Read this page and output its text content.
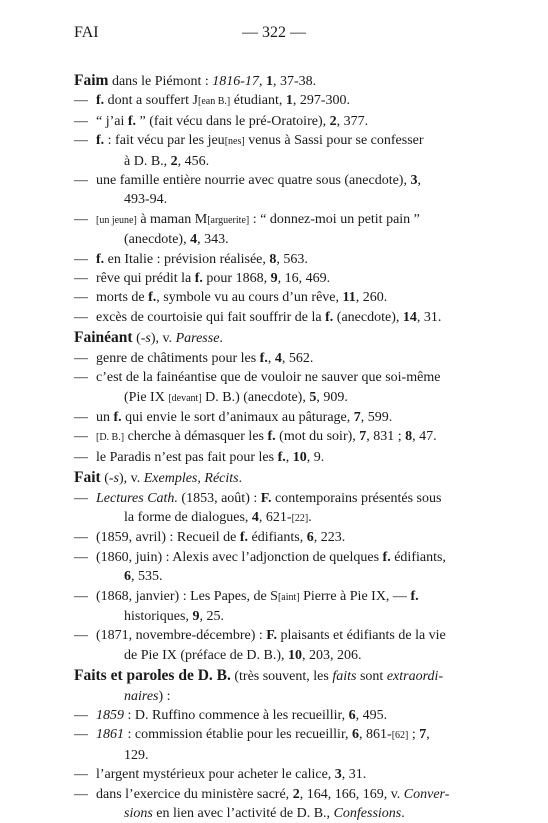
FAI	— 322 —
Faim dans le Piémont : 1816-17, 1, 37-38.
— f. dont a souffert J[ean B.] étudiant, 1, 297-300.
— “ j’ai f. ” (fait vécu dans le pré-Oratoire), 2, 377.
— f. : fait vécu par les jeu[nes] venus à Sassi pour se confesser
à D. B., 2, 456.
— une famille entière nourrie avec quatre sous (anecdote), 3,
493-94.
— [un jeune] à maman M[arguerite] : “ donnez-moi un petit pain ”
(anecdote), 4, 343.
— f. en Italie : prévision réalisée, 8, 563.
— rêve qui prédit la f. pour 1868, 9, 16, 469.
— morts de f., symbole vu au cours d’un rêve, 11, 260.
— excès de courtoisie qui fait souffrir de la f. (anecdote), 14, 31.
Fainéant (-s), v. Paresse.
— genre de châtiments pour les f., 4, 562.
— c’est de la fainéantise que de vouloir ne sauver que soi-même
(Pie IX [devant] D. B.) (anecdote), 5, 909.
— un f. qui envie le sort d’animaux au pâturage, 7, 599.
— [D. B.] cherche à démasquer les f. (mot du soir), 7, 831 ; 8, 47.
— le Paradis n’est pas fait pour les f., 10, 9.
Fait (-s), v. Exemples, Récits.
— Lectures Cath. (1853, août) : F. contemporains présentés sous
la forme de dialogues, 4, 621-[22].
— (1859, avril) : Recueil de f. édifiants, 6, 223.
— (1860, juin) : Alexis avec l’adjonction de quelques f. édifiants,
6, 535.
— (1868, janvier) : Les Papes, de S[aint] Pierre à Pie IX, — f.
historiques, 9, 25.
— (1871, novembre-décembre) : F. plaisants et édifiants de la vie
de Pie IX (préface de D. B.), 10, 203, 206.
Faits et paroles de D. B. (très souvent, les faits sont extraordi-
naires) :
— 1859 : D. Ruffino commence à les recueillir, 6, 495.
— 1861 : commission établie pour les recueillir, 6, 861-[62] ; 7,
129.
— l’argent mystérieux pour acheter le calice, 3, 31.
— dans l’exercice du ministère sacré, 2, 164, 166, 169, v. Conver-
sions en lien avec l’activité de D. B., Confessions.
